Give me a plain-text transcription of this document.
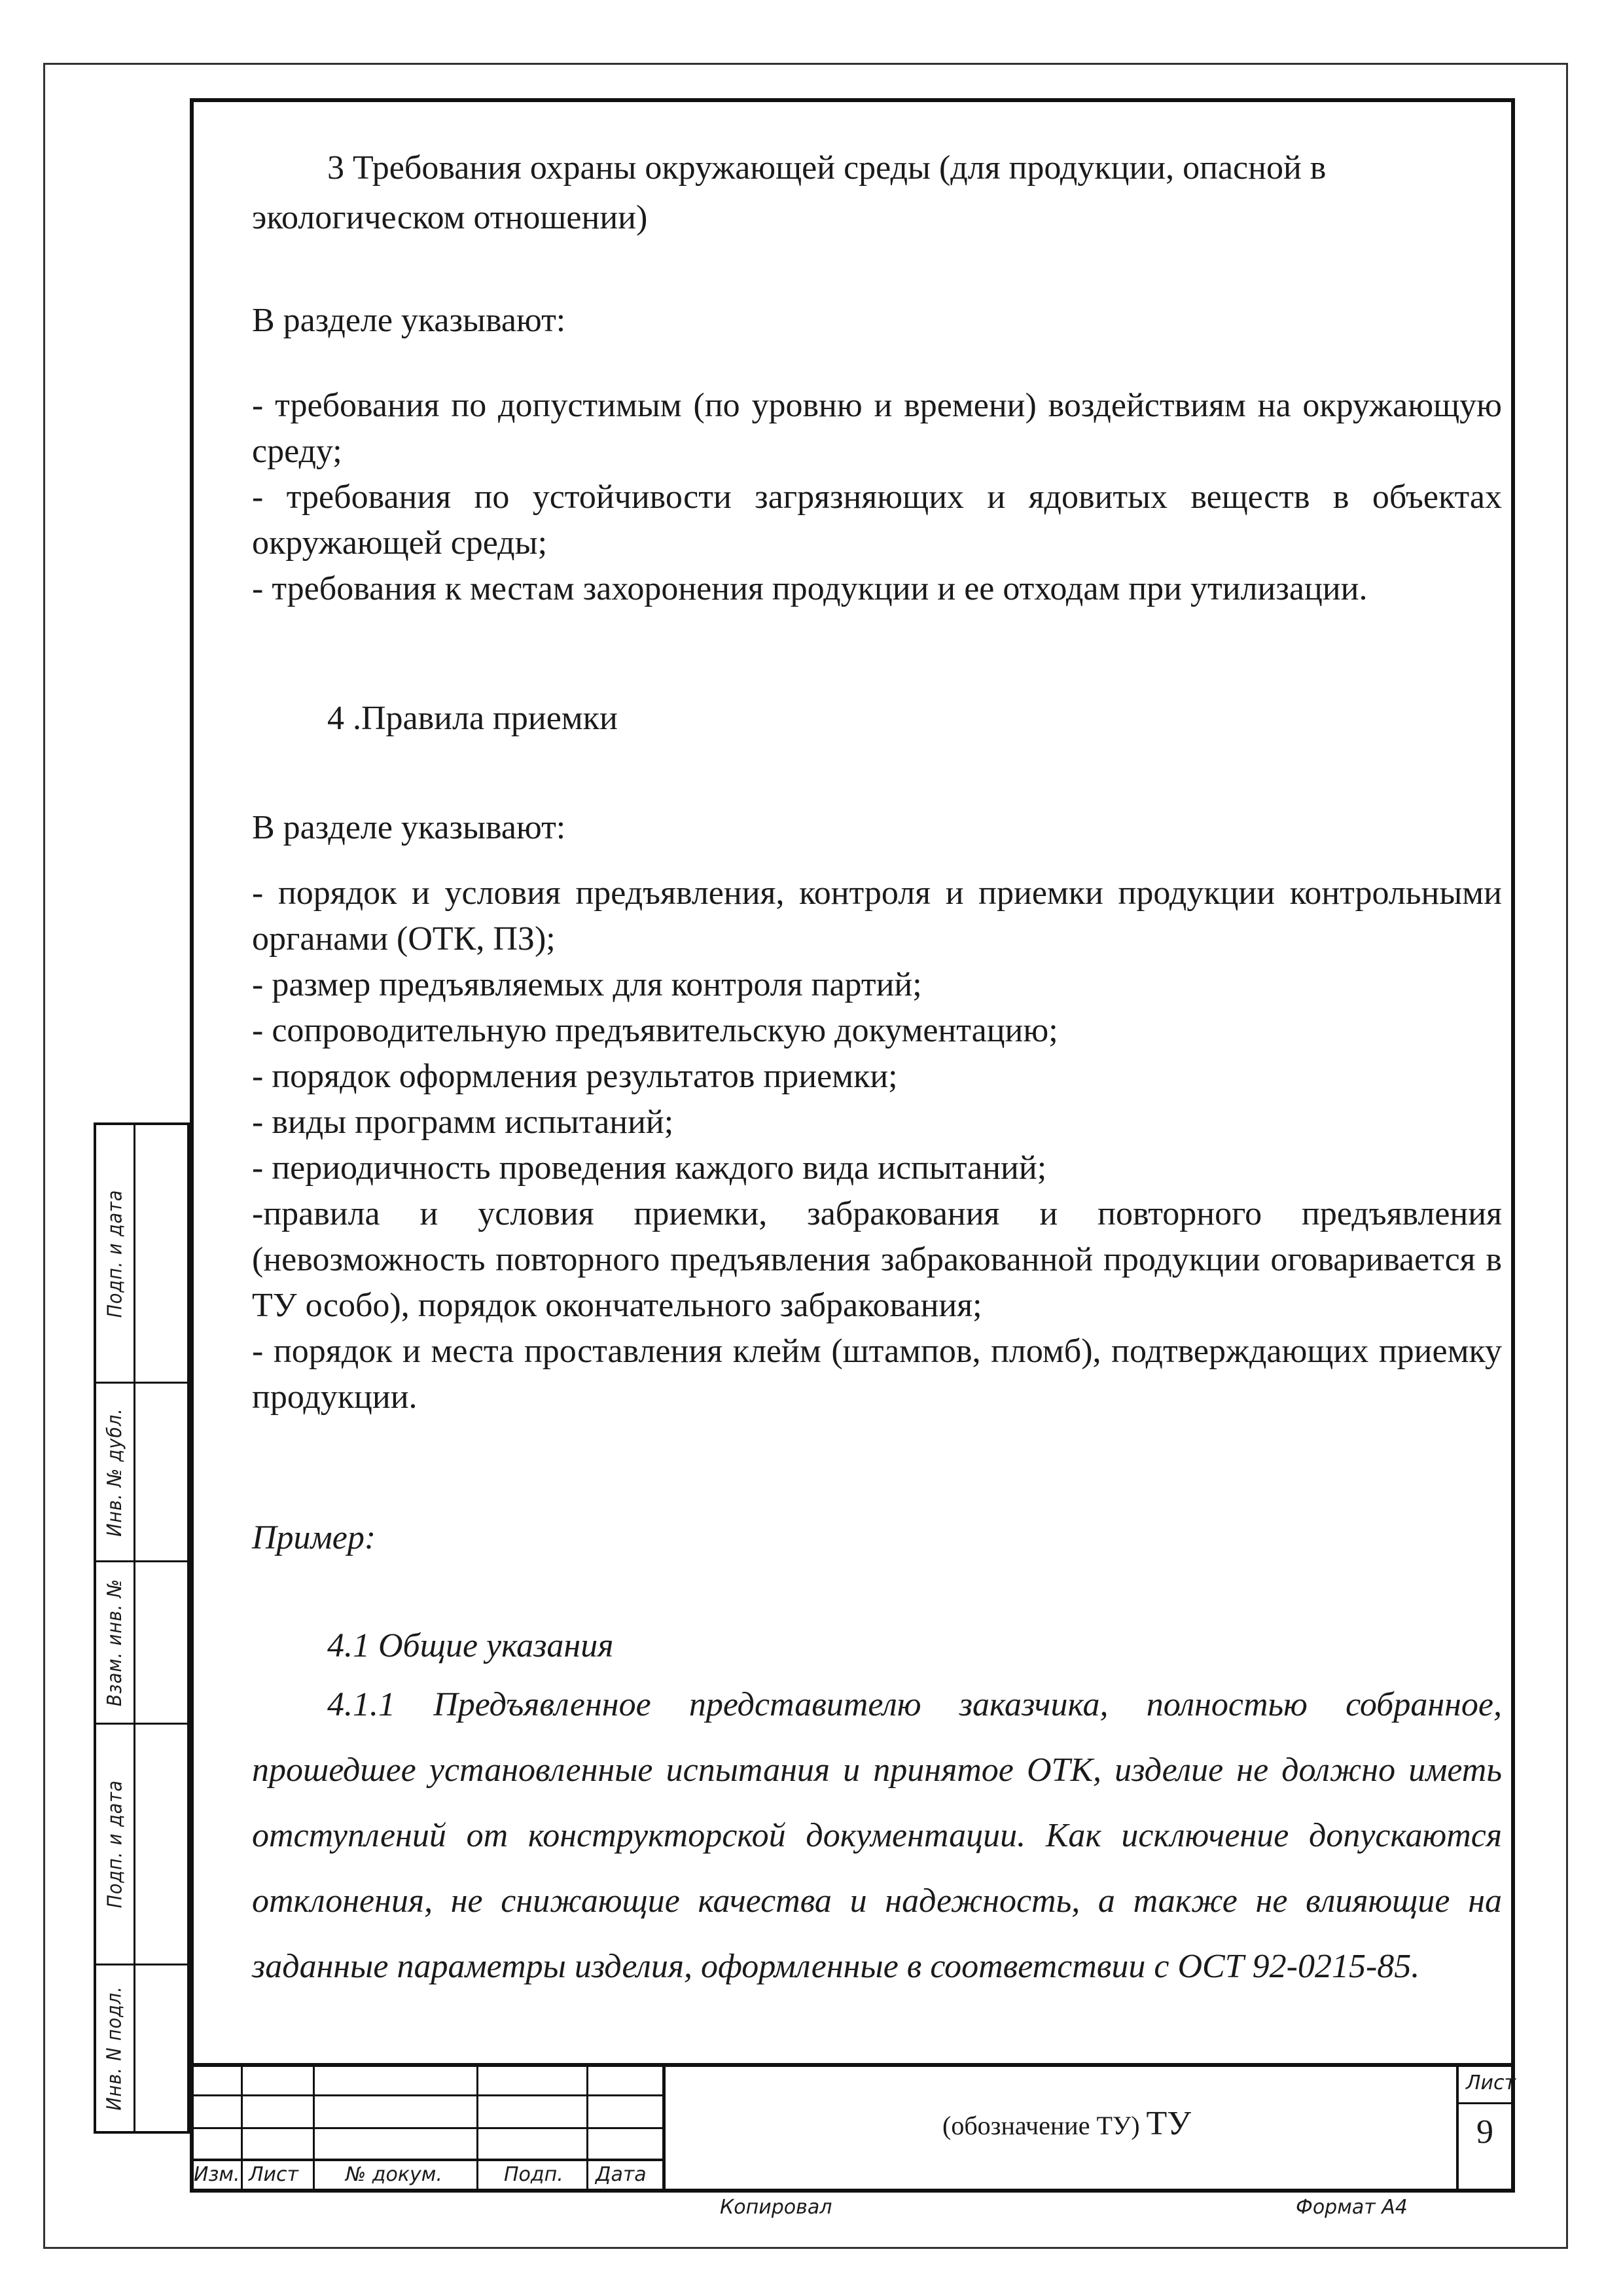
3 Требования охраны окружающей среды (для продукции, опасной в

экологическом отношении)

В разделе указывают:

- требования по допустимым (по уровню и времени) воздействиям на окружающую среду;
- требования по устойчивости загрязняющих и ядовитых веществ в объектах окружающей среды;
- требования к местам захоронения продукции и ее отходам при утилизации.

4 .Правила приемки

В разделе указывают:

- порядок и условия предъявления, контроля и приемки продукции контрольными органами (ОТК, ПЗ);
- размер предъявляемых для контроля партий;
- сопроводительную предъявительскую документацию;
- порядок оформления результатов приемки;
- виды программ испытаний;
- периодичность проведения каждого вида испытаний;
-правила и условия приемки, забракования и повторного предъявления (невозможность повторного предъявления забракованной продукции оговаривается в ТУ особо), порядок окончательного забракования;
- порядок и места проставления клейм (штампов, пломб), подтверждающих приемку продукции.

Пример:

4.1 Общие указания

4.1.1 Предъявленное представителю заказчика, полностью собранное, прошедшее установленные испытания и принятое ОТК, изделие не должно иметь отступлений от конструкторской документации. Как исключение допускаются отклонения, не снижающие качества и надежность, а также не влияющие на заданные параметры изделия, оформленные в соответствии с ОСТ 92-0215-85.

Подп. и дата
Инв. № дубл.
Взам. инв. №
Подп. и дата
Инв. N подл.
Изм. Лист № докум.	Подп. Дата
(обозначение ТУ) ТУ
Лист
9
Копировал	Формат А4
